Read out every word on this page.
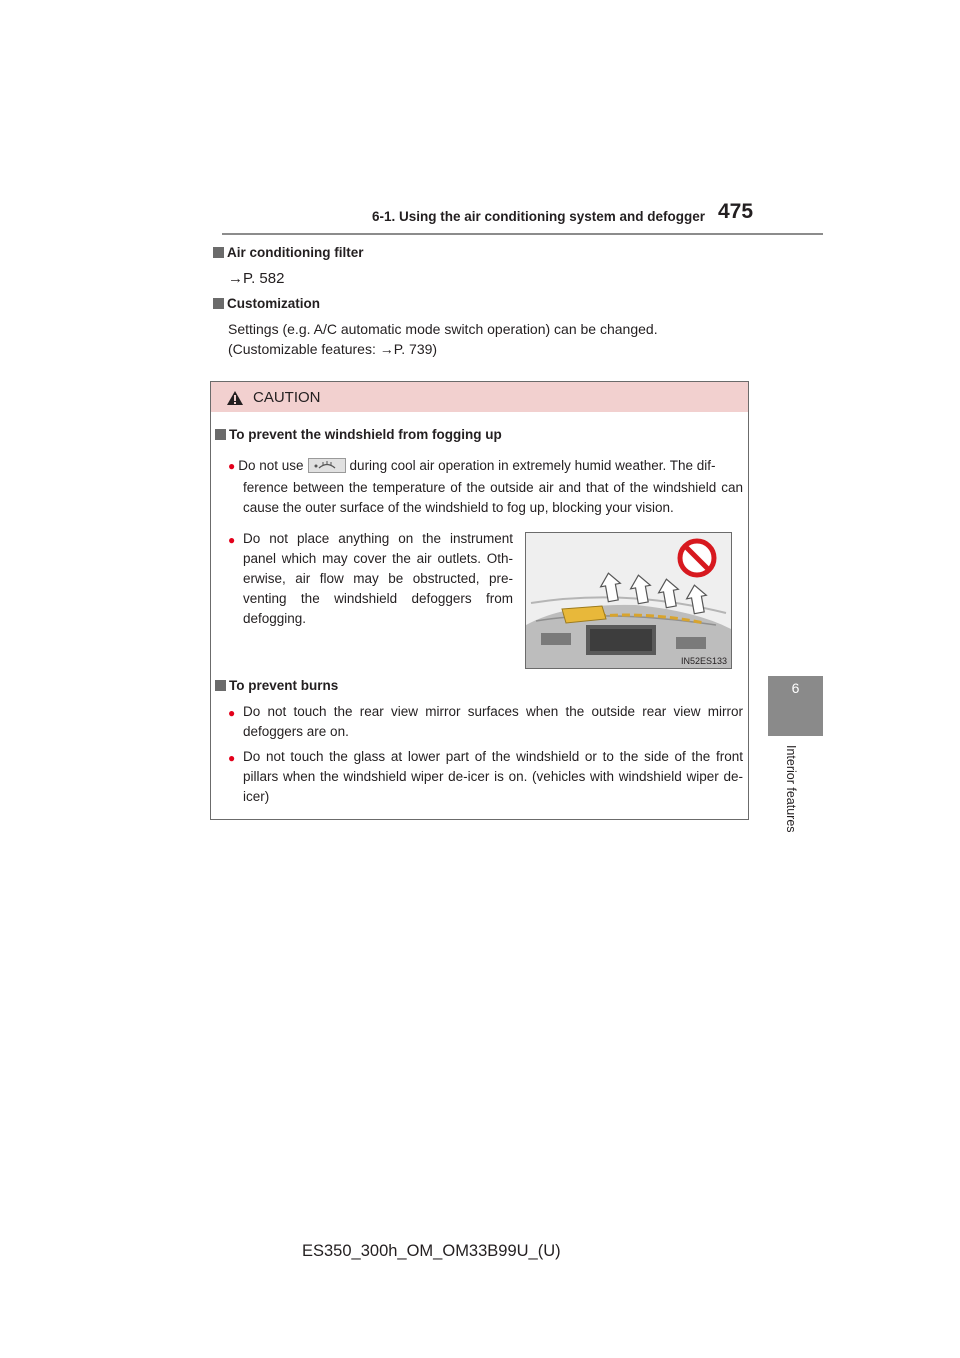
6-1. Using the air conditioning system and defogger 475
6
Interior features
Air conditioning filter
→P. 582
Customization
Settings (e.g. A/C automatic mode switch operation) can be changed.
(Customizable features: →P. 739)
CAUTION
To prevent the windshield from fogging up
● Do not use	during cool air operation in extremely humid weather. The dif-
ference between the temperature of the outside air and that of the windshield can cause the outer surface of the windshield to fog up, blocking your vision.
● Do not place anything on the instrument panel which may cover the air outlets. Oth-erwise, air flow may be obstructed, pre-venting the windshield defoggers from defogging.
IN52ES133
To prevent burns
● Do not touch the rear view mirror surfaces when the outside rear view mirror defoggers are on.
● Do not touch the glass at lower part of the windshield or to the side of the front pillars when the windshield wiper de-icer is on. (vehicles with windshield wiper de-icer)
ES350_300h_OM_OM33B99U_(U)
